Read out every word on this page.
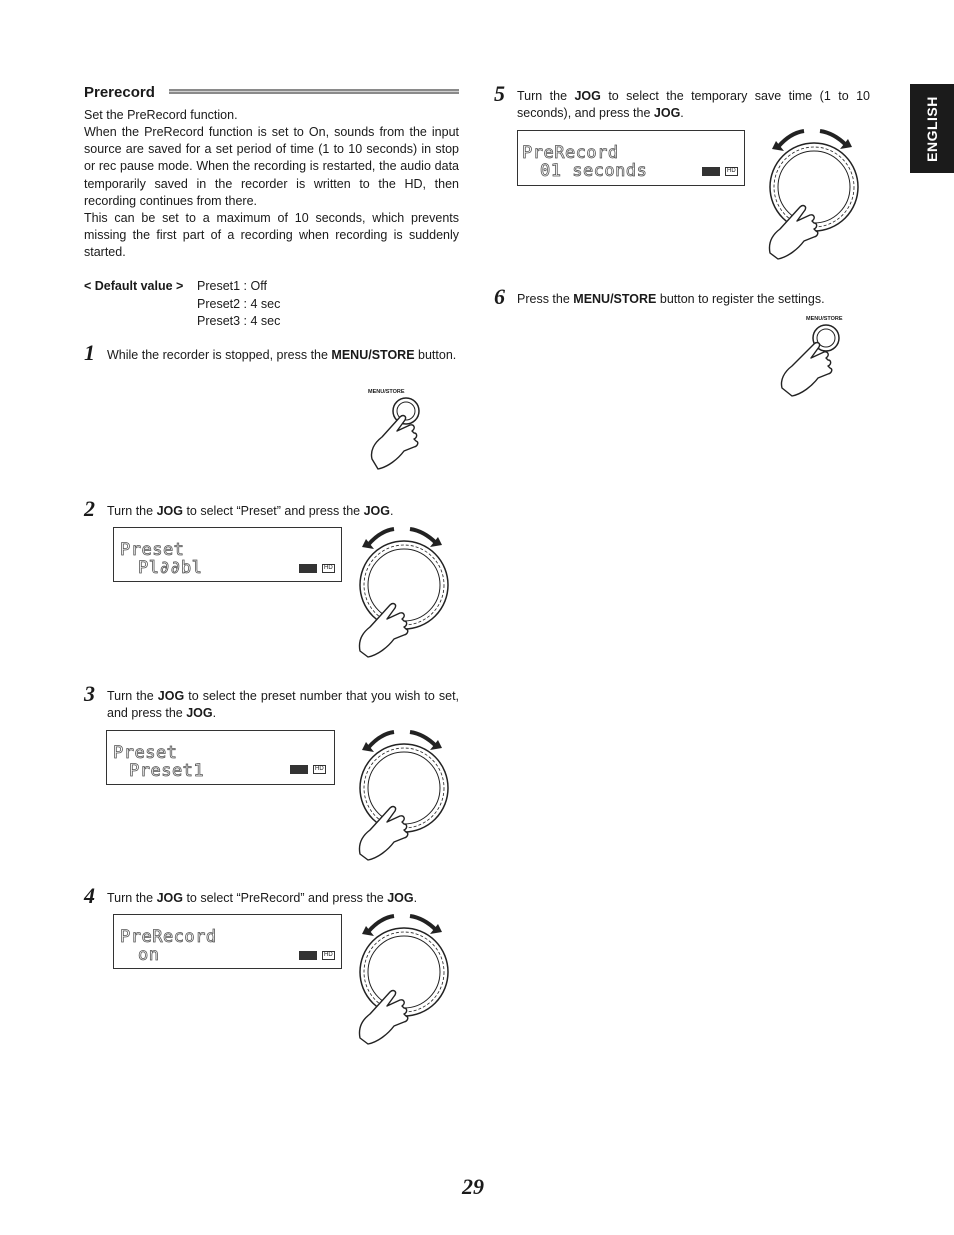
Prerecord

Set the PreRecord function.

When the PreRecord function is set to On, sounds from the input source are saved for a set period of time (1 to 10 seconds) in stop or rec pause mode. When the recording is restarted, the audio data temporarily saved in the recorder is written to the HD, then recording continues from there.

This can be set to a maximum of 10 seconds, which prevents missing the first part of a recording when recording is suddenly started.

< Default value > Preset1 : Off
Preset2 : 4 sec
Preset3 : 4 sec
1 While the recorder is stopped, press the MENU/STORE button.

MENU/STORE
2 Turn the JOG to select “Preset” and press the JOG.

Preset
Pl∂∂bl	HD
3 Turn the JOG to select the preset number that you wish to set, and press the JOG.

Preset
Preset1	HD
4 Turn the JOG to select “PreRecord” and press the JOG.

PreRecord
on	HD
5 Turn the JOG to select the temporary save time (1 to 10 seconds), and press the JOG.

PreRecord
01 seconds	HD
6 Press the MENU/STORE button to register the settings.

MENU/STORE
ENGLISH
29
